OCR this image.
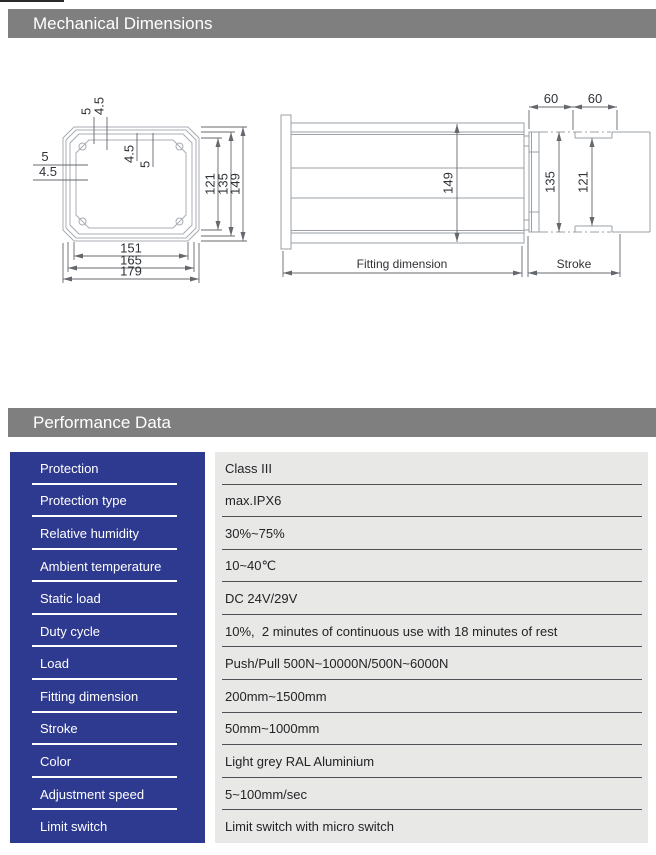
Mechanical Dimensions
151
165
179
121
135
149
5
4.5
4.5
5
5
4.5
149	135 121
60 60
Fitting dimension	Stroke
Performance Data
Protection
Protection type
Relative humidity
Ambient temperature
Static load
Duty cycle
Load
Fitting dimension
Stroke
Color
Adjustment speed
Limit switch
Class III
max.IPX6
30%~75%
10~40℃
DC 24V/29V
10%,  2 minutes of continuous use with 18 minutes of rest
Push/Pull 500N~10000N/500N~6000N
200mm~1500mm
50mm~1000mm
Light grey RAL Aluminium
5~100mm/sec
Limit switch with micro switch
